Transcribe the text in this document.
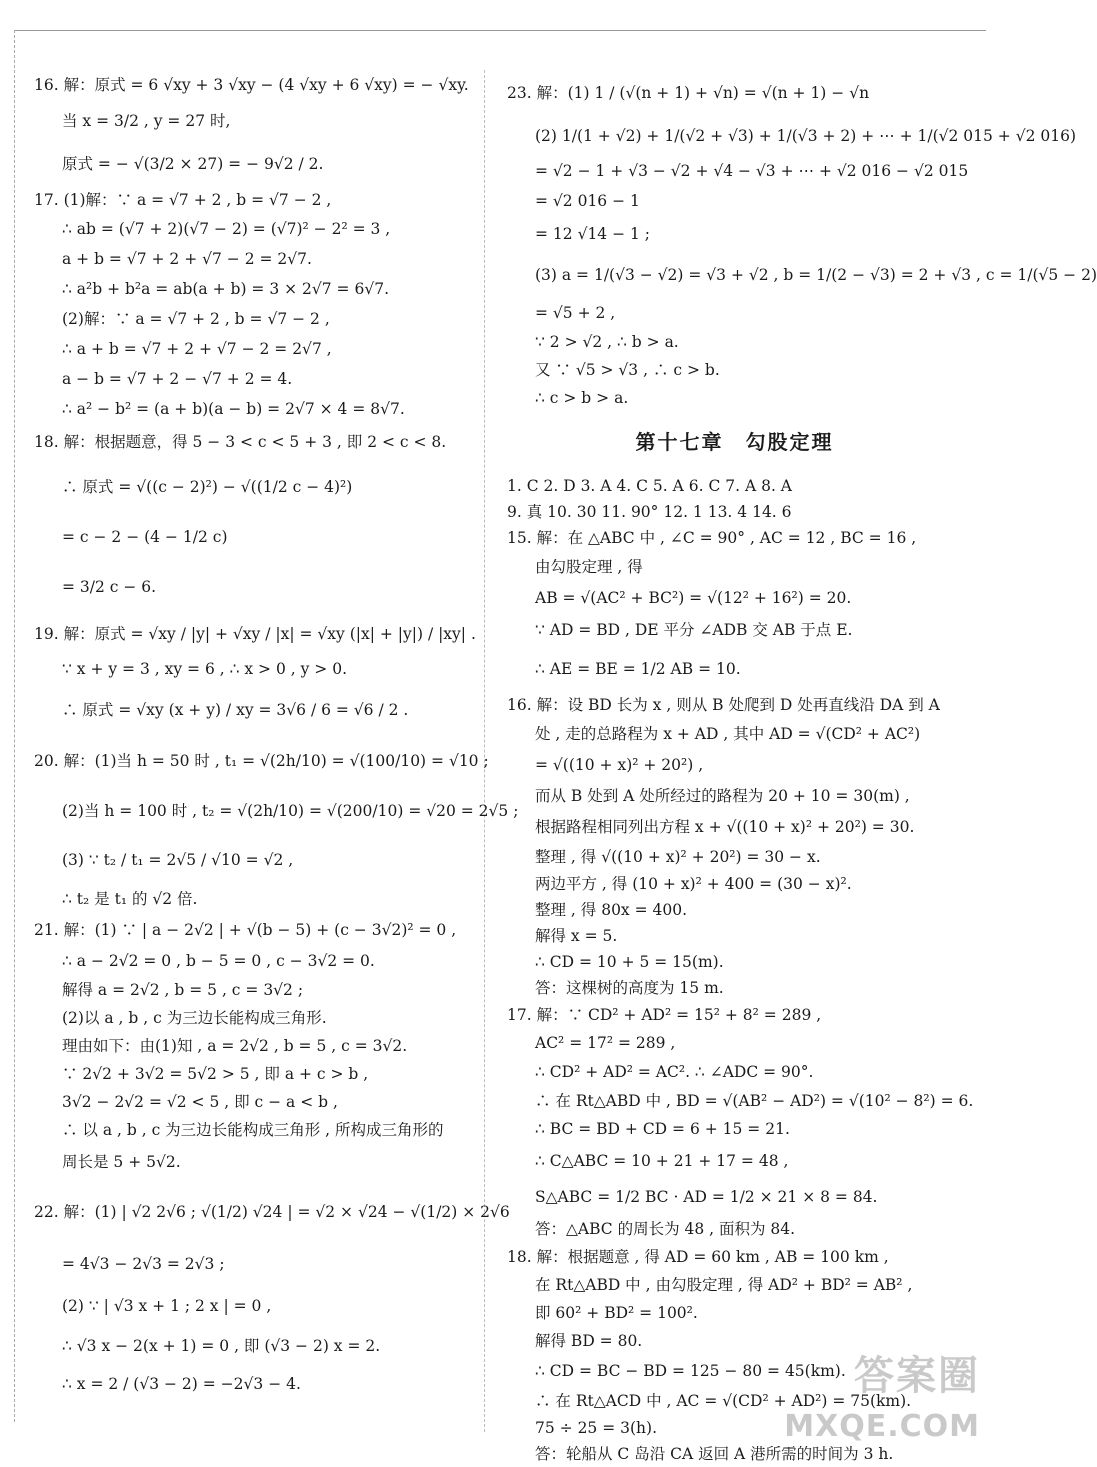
16. 解：原式 = 6 √xy + 3 √xy − (4 √xy + 6 √xy) = − √xy.
当 x = 3/2 , y = 27 时,
原式 = − √(3/2 × 27) = − 9√2 / 2.
17. (1)解：∵ a = √7 + 2 , b = √7 − 2 ,
∴ ab = (√7 + 2)(√7 − 2) = (√7)² − 2² = 3 ,
a + b = √7 + 2 + √7 − 2 = 2√7.
∴ a²b + b²a = ab(a + b) = 3 × 2√7 = 6√7.
(2)解：∵ a = √7 + 2 , b = √7 − 2 ,
∴ a + b = √7 + 2 + √7 − 2 = 2√7 ,
a − b = √7 + 2 − √7 + 2 = 4.
∴ a² − b² = (a + b)(a − b) = 2√7 × 4 = 8√7.
18. 解：根据题意，得 5 − 3 < c < 5 + 3 , 即 2 < c < 8.
∴ 原式 = √((c − 2)²) − √((1/2 c − 4)²)
= c − 2 − (4 − 1/2 c)
= 3/2 c − 6.
19. 解：原式 = √xy / |y| + √xy / |x| = √xy (|x| + |y|) / |xy| .
∵ x + y = 3 , xy = 6 , ∴ x > 0 , y > 0.
∴ 原式 = √xy (x + y) / xy = 3√6 / 6 = √6 / 2 .
20. 解：(1)当 h = 50 时 , t₁ = √(2h/10) = √(100/10) = √10 ;
(2)当 h = 100 时 , t₂ = √(2h/10) = √(200/10) = √20 = 2√5 ;
(3) ∵ t₂ / t₁ = 2√5 / √10 = √2 ,
∴ t₂ 是 t₁ 的 √2 倍.
21. 解：(1) ∵ | a − 2√2 | + √(b − 5) + (c − 3√2)² = 0 ,
∴ a − 2√2 = 0 , b − 5 = 0 , c − 3√2 = 0.
解得 a = 2√2 , b = 5 , c = 3√2 ;
(2)以 a , b , c 为三边长能构成三角形.
理由如下：由(1)知 , a = 2√2 , b = 5 , c = 3√2.
∵ 2√2 + 3√2 = 5√2 > 5 , 即 a + c > b ,
3√2 − 2√2 = √2 < 5 , 即 c − a < b ,
∴ 以 a , b , c 为三边长能构成三角形 , 所构成三角形的
周长是 5 + 5√2.
22. 解：(1) | √2 2√6 ; √(1/2) √24 | = √2 × √24 − √(1/2) × 2√6
= 4√3 − 2√3 = 2√3 ;
(2) ∵ | √3 x + 1 ; 2 x | = 0 ,
∴ √3 x − 2(x + 1) = 0 , 即 (√3 − 2) x = 2.
∴ x = 2 / (√3 − 2) = −2√3 − 4.
23. 解：(1) 1 / (√(n + 1) + √n) = √(n + 1) − √n
(2) 1/(1 + √2) + 1/(√2 + √3) + 1/(√3 + 2) + ⋯ + 1/(√2 015 + √2 016)
= √2 − 1 + √3 − √2 + √4 − √3 + ⋯ + √2 016 − √2 015
= √2 016 − 1
= 12 √14 − 1 ;
(3) a = 1/(√3 − √2) = √3 + √2 , b = 1/(2 − √3) = 2 + √3 , c = 1/(√5 − 2)
= √5 + 2 ,
∵ 2 > √2 , ∴ b > a.
又 ∵ √5 > √3 , ∴ c > b.
∴ c > b > a.
第十七章　勾股定理
1. C 2. D 3. A 4. C 5. A 6. C 7. A 8. A
9. 真 10. 30 11. 90° 12. 1 13. 4 14. 6
15. 解：在 △ABC 中 , ∠C = 90° , AC = 12 , BC = 16 ,
由勾股定理 , 得
AB = √(AC² + BC²) = √(12² + 16²) = 20.
∵ AD = BD , DE 平分 ∠ADB 交 AB 于点 E.
∴ AE = BE = 1/2 AB = 10.
16. 解：设 BD 长为 x , 则从 B 处爬到 D 处再直线沿 DA 到 A
处 , 走的总路程为 x + AD , 其中 AD = √(CD² + AC²)
= √((10 + x)² + 20²) ,
而从 B 处到 A 处所经过的路程为 20 + 10 = 30(m) ,
根据路程相同列出方程 x + √((10 + x)² + 20²) = 30.
整理 , 得 √((10 + x)² + 20²) = 30 − x.
两边平方 , 得 (10 + x)² + 400 = (30 − x)².
整理 , 得 80x = 400.
解得 x = 5.
∴ CD = 10 + 5 = 15(m).
答：这棵树的高度为 15 m.
17. 解：∵ CD² + AD² = 15² + 8² = 289 ,
AC² = 17² = 289 ,
∴ CD² + AD² = AC². ∴ ∠ADC = 90°.
∴ 在 Rt△ABD 中 , BD = √(AB² − AD²) = √(10² − 8²) = 6.
∴ BC = BD + CD = 6 + 15 = 21.
∴ C△ABC = 10 + 21 + 17 = 48 ,
S△ABC = 1/2 BC · AD = 1/2 × 21 × 8 = 84.
答：△ABC 的周长为 48 , 面积为 84.
18. 解：根据题意 , 得 AD = 60 km , AB = 100 km ,
在 Rt△ABD 中 , 由勾股定理 , 得 AD² + BD² = AB² ,
即 60² + BD² = 100².
解得 BD = 80.
∴ CD = BC − BD = 125 − 80 = 45(km).
∴ 在 Rt△ACD 中 , AC = √(CD² + AD²) = 75(km).
75 ÷ 25 = 3(h).
答：轮船从 C 岛沿 CA 返回 A 港所需的时间为 3 h.
答案圈
MXQE.COM
